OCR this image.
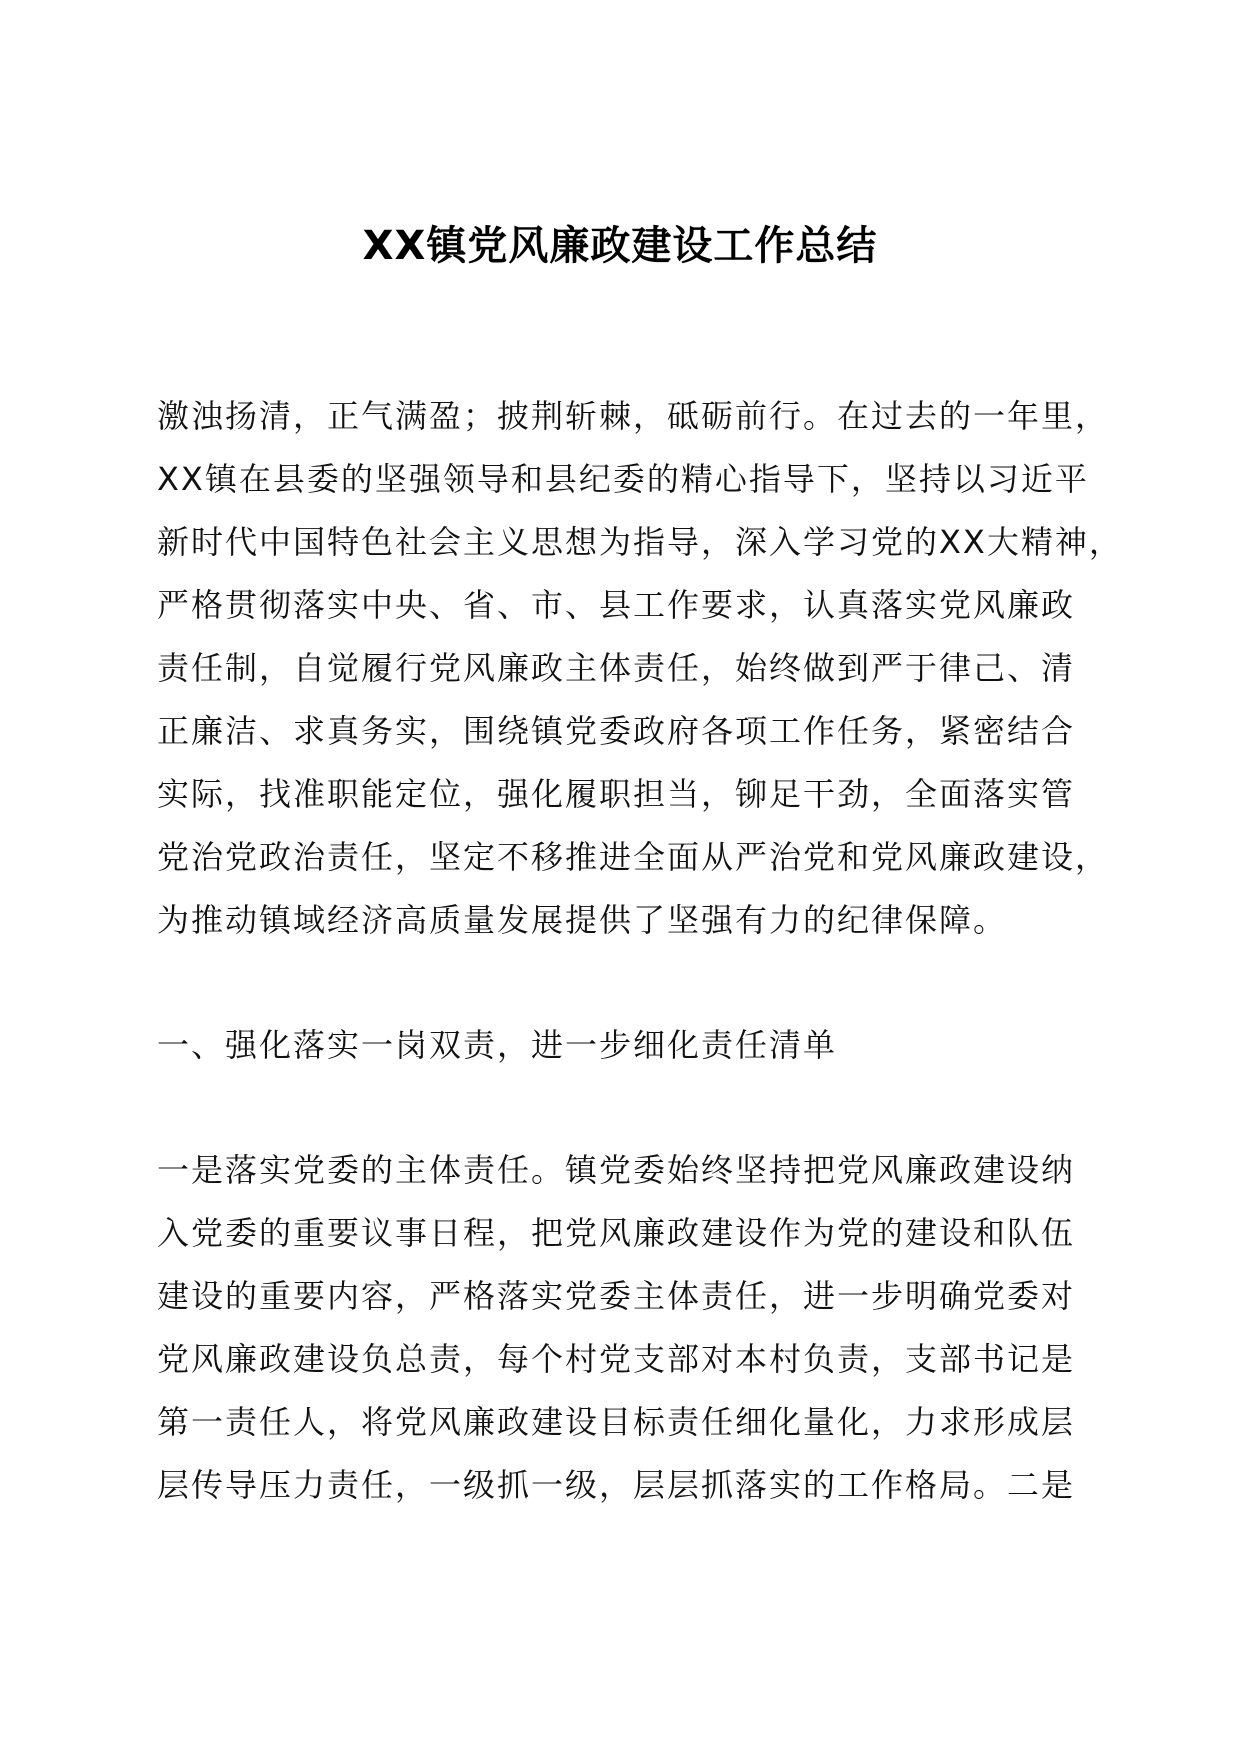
XX镇党风廉政建设工作总结
激浊扬清，正气满盈；披荆斩棘，砥砺前行。在过去的一年里，
XX镇在县委的坚强领导和县纪委的精心指导下，坚持以习近平
新时代中国特色社会主义思想为指导，深入学习党的XX大精神，
严格贯彻落实中央、省、市、县工作要求，认真落实党风廉政
责任制，自觉履行党风廉政主体责任，始终做到严于律己、清
正廉洁、求真务实，围绕镇党委政府各项工作任务，紧密结合
实际，找准职能定位，强化履职担当，铆足干劲，全面落实管
党治党政治责任，坚定不移推进全面从严治党和党风廉政建设，
为推动镇域经济高质量发展提供了坚强有力的纪律保障。
一、强化落实一岗双责，进一步细化责任清单
一是落实党委的主体责任。镇党委始终坚持把党风廉政建设纳
入党委的重要议事日程，把党风廉政建设作为党的建设和队伍
建设的重要内容，严格落实党委主体责任，进一步明确党委对
党风廉政建设负总责，每个村党支部对本村负责，支部书记是
第一责任人，将党风廉政建设目标责任细化量化，力求形成层
层传导压力责任，一级抓一级，层层抓落实的工作格局。二是
